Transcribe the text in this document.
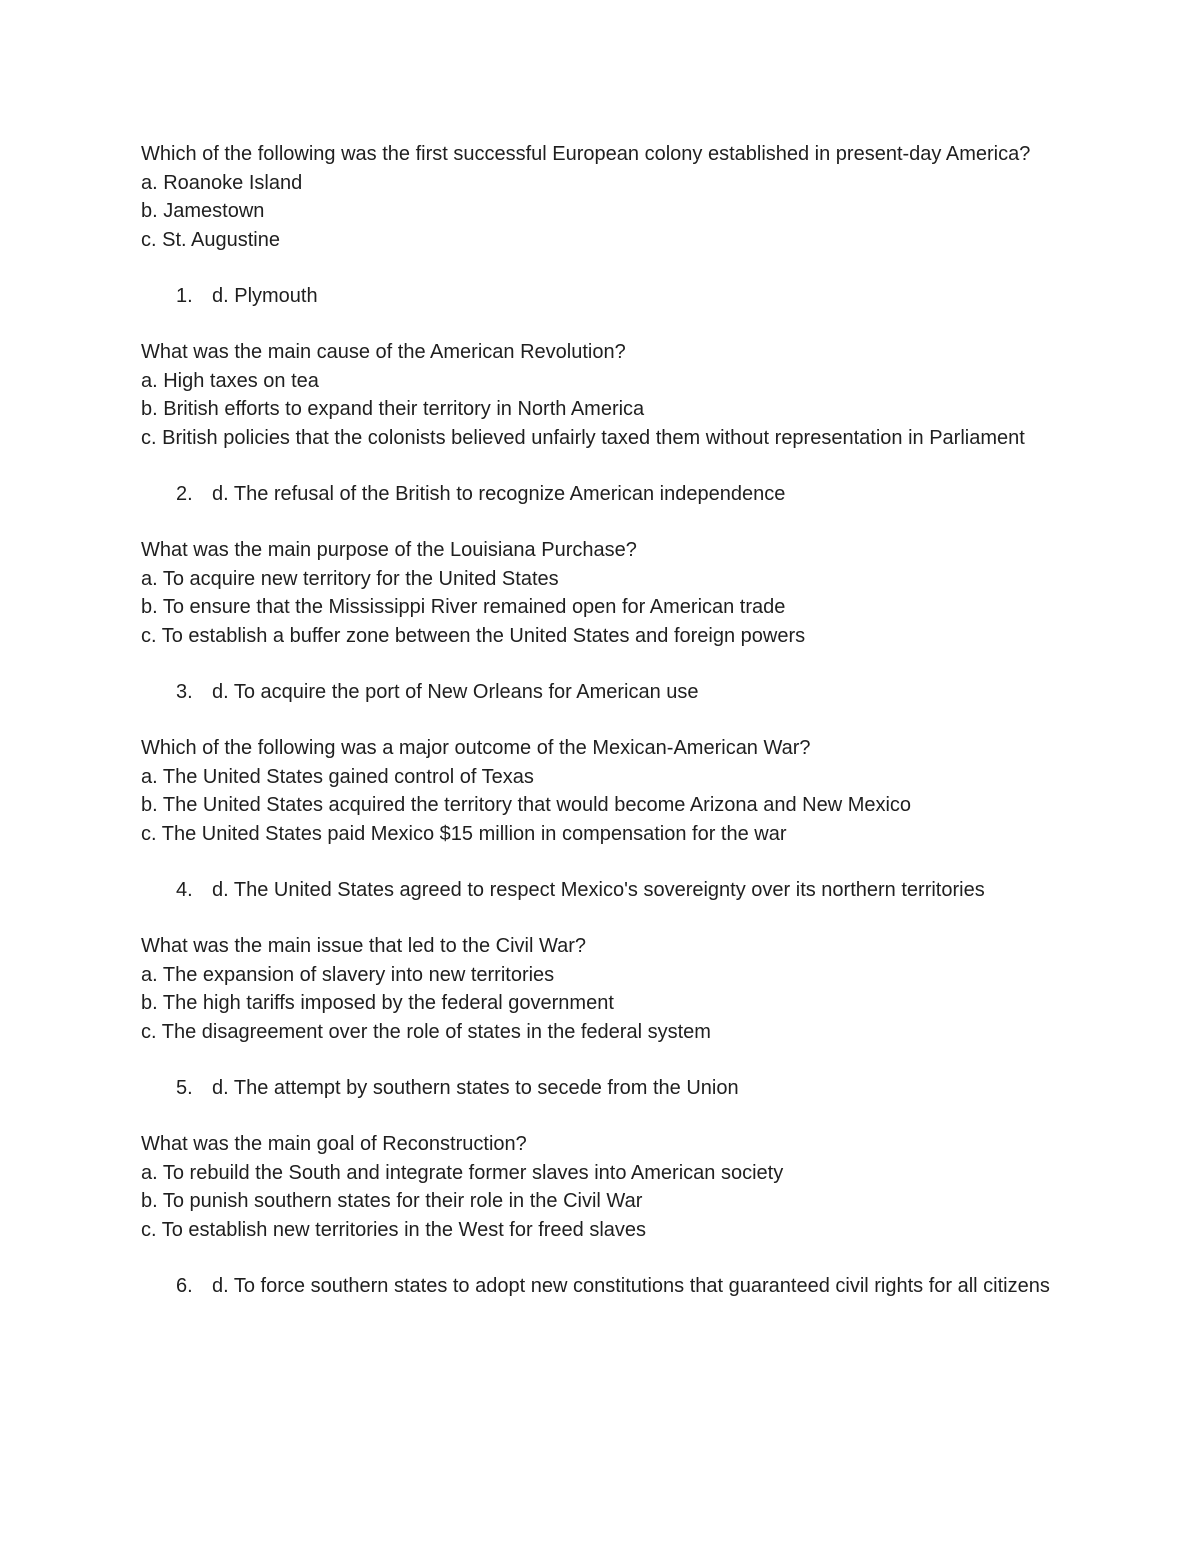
Which of the following was the first successful European colony established in present-day America?
a. Roanoke Island
b. Jamestown
c. St. Augustine
1. d. Plymouth
What was the main cause of the American Revolution?
a. High taxes on tea
b. British efforts to expand their territory in North America
c. British policies that the colonists believed unfairly taxed them without representation in Parliament
2. d. The refusal of the British to recognize American independence
What was the main purpose of the Louisiana Purchase?
a. To acquire new territory for the United States
b. To ensure that the Mississippi River remained open for American trade
c. To establish a buffer zone between the United States and foreign powers
3. d. To acquire the port of New Orleans for American use
Which of the following was a major outcome of the Mexican-American War?
a. The United States gained control of Texas
b. The United States acquired the territory that would become Arizona and New Mexico
c. The United States paid Mexico $15 million in compensation for the war
4. d. The United States agreed to respect Mexico's sovereignty over its northern territories
What was the main issue that led to the Civil War?
a. The expansion of slavery into new territories
b. The high tariffs imposed by the federal government
c. The disagreement over the role of states in the federal system
5. d. The attempt by southern states to secede from the Union
What was the main goal of Reconstruction?
a. To rebuild the South and integrate former slaves into American society
b. To punish southern states for their role in the Civil War
c. To establish new territories in the West for freed slaves
6. d. To force southern states to adopt new constitutions that guaranteed civil rights for all citizens
